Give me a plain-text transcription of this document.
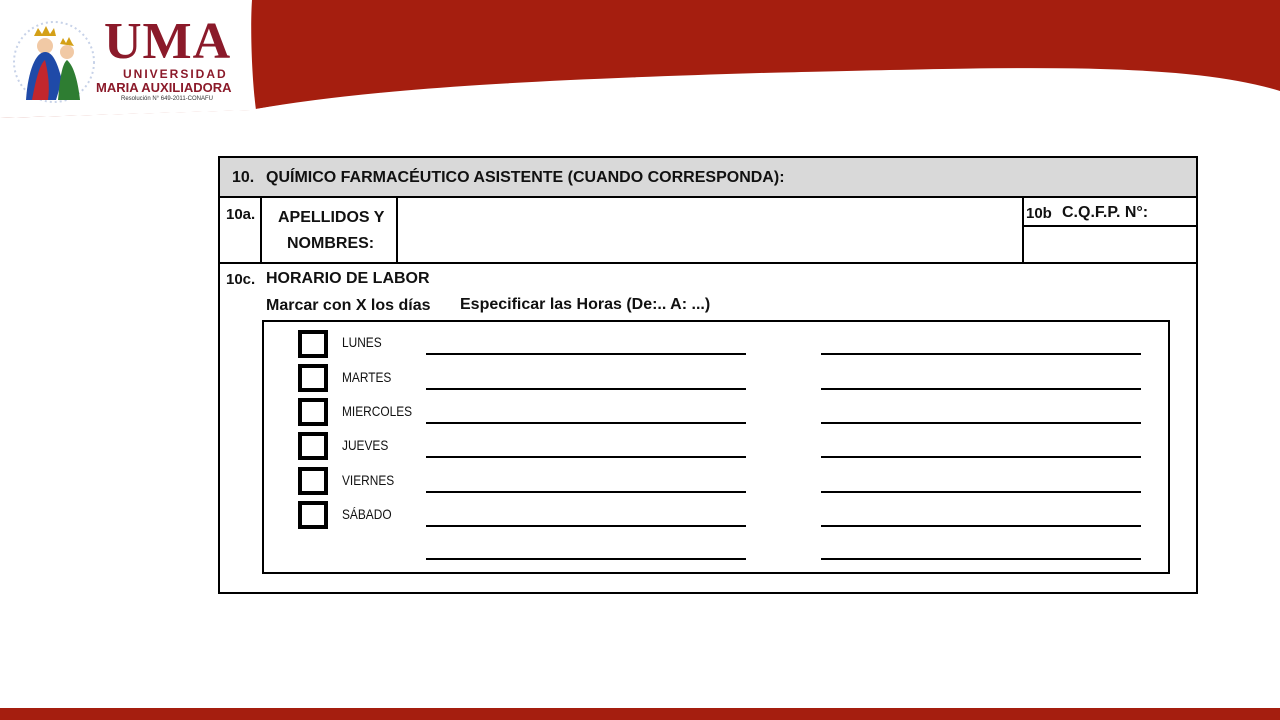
UMA
UNIVERSIDAD
MARIA AUXILIADORA
Resolución N° 649-2011-CONAFU
10. QUÍMICO FARMACÉUTICO ASISTENTE (CUANDO CORRESPONDA):
10a. APELLIDOS Y
NOMBRES:
10b C.Q.F.P. N°:
10c. HORARIO DE LABOR
Marcar con X los días Especificar las Horas (De:.. A: ...)
LUNES
MARTES
MIERCOLES
JUEVES
VIERNES
SÁBADO
